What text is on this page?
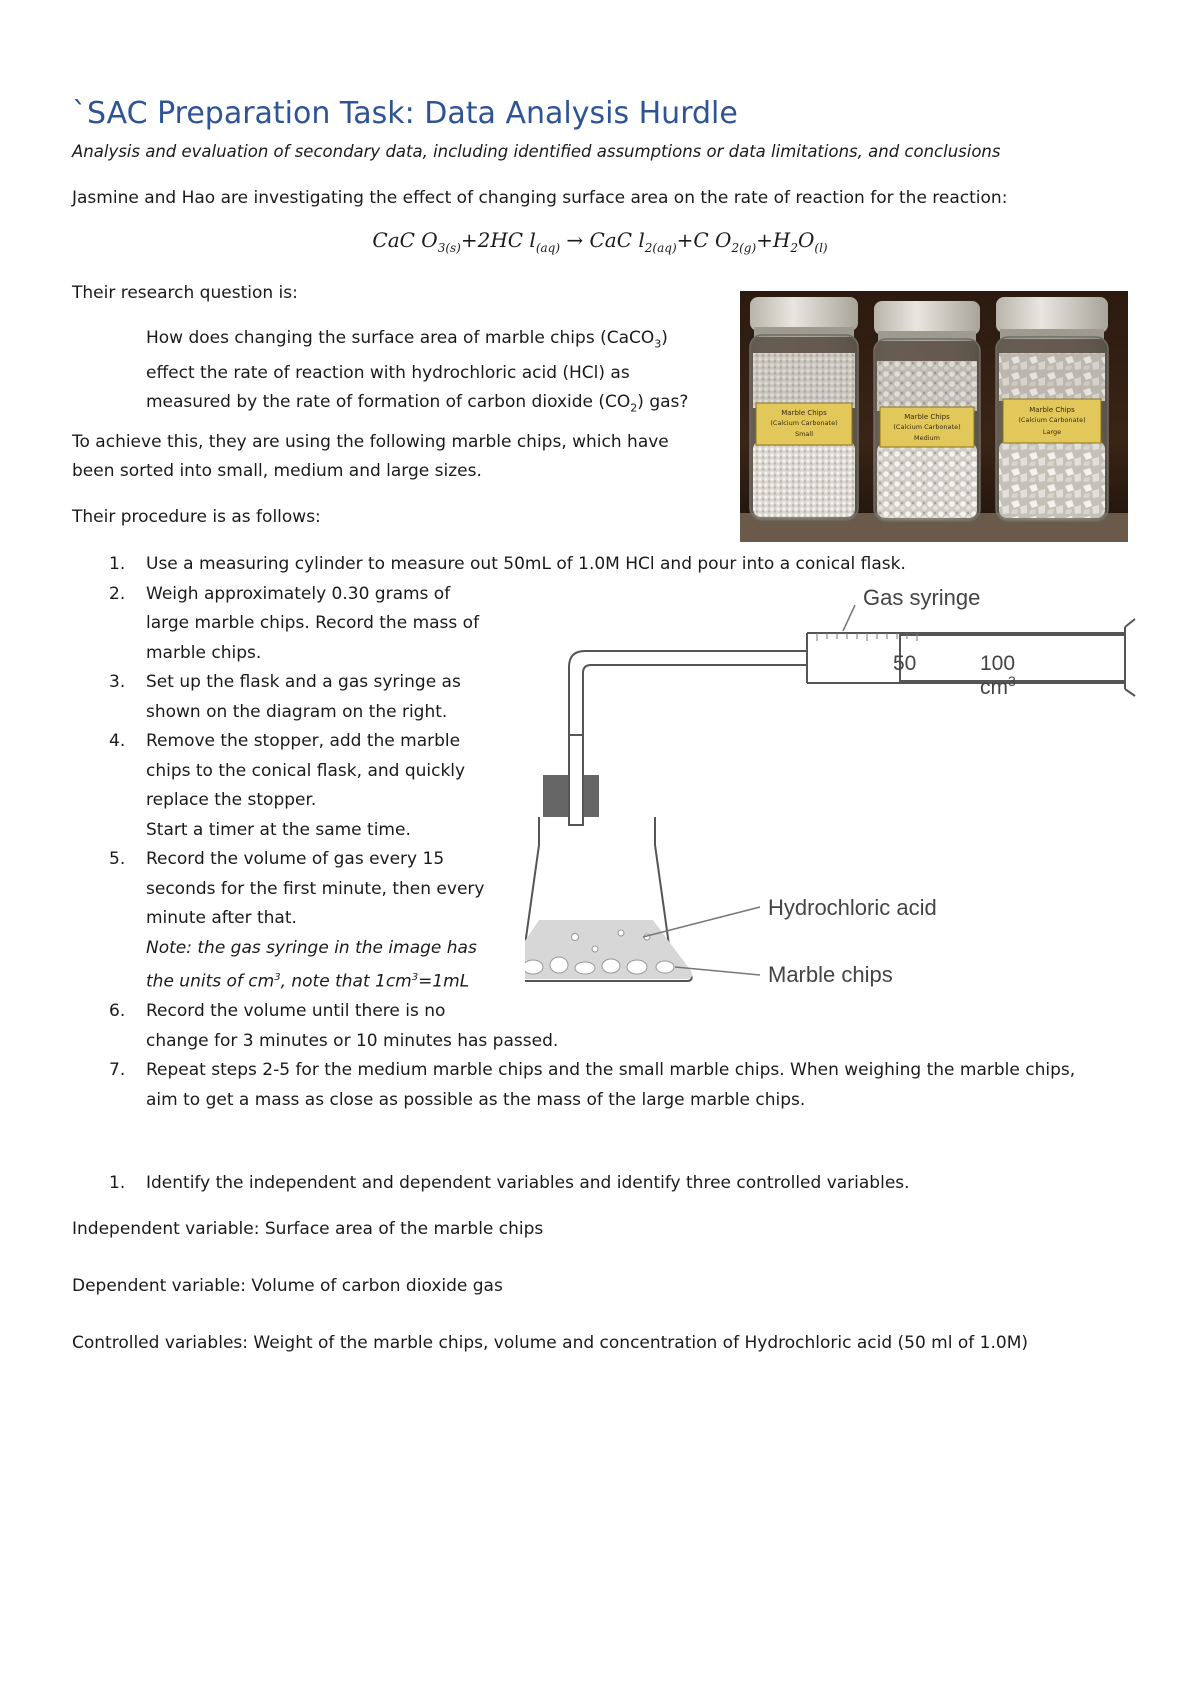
`SAC Preparation Task: Data Analysis Hurdle
Analysis and evaluation of secondary data, including identified assumptions or data limitations, and conclusions
Jasmine and Hao are investigating the effect of changing surface area on the rate of reaction for the reaction:
CaC $O_{3(s)}+2HC$ $l_{(aq)}$ → CaC $l_{2(aq)}+C$ $O_{2(g)}+H_2O_{(l)}$
Their research question is:
How does changing the surface area of marble chips (CaCO$_3$)
effect the rate of reaction with hydrochloric acid (HCl) as
measured by the rate of formation of carbon dioxide $(CO_2)$ gas?
To achieve this, they are using the following marble chips, which have
been sorted into small, medium and large sizes.
Their procedure is as follows:
Marble Chips
(Calcium Carbonate)
Small
Marble Chips
(Calcium Carbonate)
Medium
Marble Chips
(Calcium Carbonate)
Large
50	100
$cm^3$
Gas syringe
Hydrochloric acid
Marble chips
1. Use a measuring cylinder to measure out 50mL of 1.0M HCl and pour into a conical flask.
2. Weigh approximately 0.30 grams of
large marble chips. Record the mass of
marble chips.
3. Set up the flask and a gas syringe as
shown on the diagram on the right.
4. Remove the stopper, add the marble
chips to the conical flask, and quickly
replace the stopper.
Start a timer at the same time.
5. Record the volume of gas every 15
seconds for the first minute, then every
minute after that.
Note: the gas syringe in the image has
the units of $cm^3$, note that $1cm^3=1mL$
6. Record the volume until there is no
change for 3 minutes or 10 minutes has passed.
7. Repeat steps 2-5 for the medium marble chips and the small marble chips. When weighing the marble chips,
aim to get a mass as close as possible as the mass of the large marble chips.
1. Identify the independent and dependent variables and identify three controlled variables.
Independent variable: Surface area of the marble chips
Dependent variable: Volume of carbon dioxide gas
Controlled variables: Weight of the marble chips, volume and concentration of Hydrochloric acid (50 ml of 1.0M)
